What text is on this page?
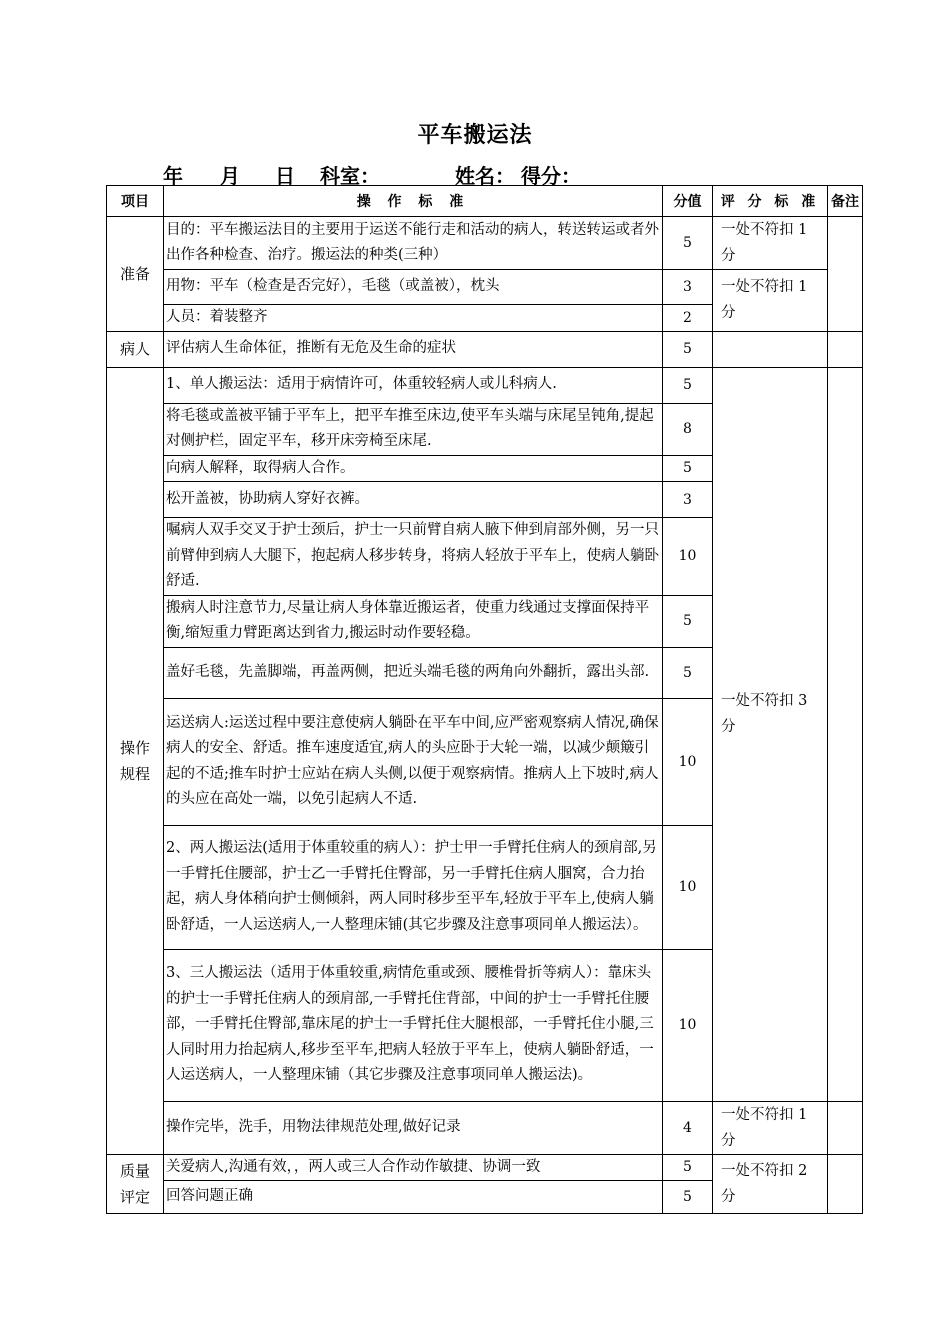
平车搬运法
年 月 日 科室：	姓名： 得分：
项目	操 作 标 准	分值	评 分 标 准	备注
准备	目的：平车搬运法目的主要用于运送不能行走和活动的病人，转送转运或者外出作各种检查、治疗。搬运法的种类(三种）	5	一处不符扣 1 分	
	用物：平车（检查是否完好），毛毯（或盖被），枕头	3	一处不符扣 1 分	
	人员：着装整齐	2		
病人	评估病人生命体征，推断有无危及生命的症状	5		

操作
规程	1、单人搬运法：适用于病情许可，体重较轻病人或儿科病人.	5	一处不符扣 3 分	
	将毛毯或盖被平铺于平车上，把平车推至床边,使平车头端与床尾呈钝角,提起对侧护栏，固定平车，移开床旁椅至床尾.	8		
	向病人解释，取得病人合作。	5		
	松开盖被，协助病人穿好衣裤。	3		
	嘱病人双手交叉于护士颈后，护士一只前臂自病人腋下伸到肩部外侧，另一只前臂伸到病人大腿下，抱起病人移步转身，将病人轻放于平车上，使病人躺卧舒适.	10		
	搬病人时注意节力,尽量让病人身体靠近搬运者，使重力线通过支撑面保持平衡,缩短重力臂距离达到省力,搬运时动作要轻稳。	5		
	盖好毛毯，先盖脚端，再盖两侧，把近头端毛毯的两角向外翻折，露出头部.	5		
	运送病人:运送过程中要注意使病人躺卧在平车中间,应严密观察病人情况,确保病人的安全、舒适。推车速度适宜,病人的头应卧于大轮一端，以减少颠簸引起的不适;推车时护士应站在病人头侧,以便于观察病情。推病人上下坡时,病人的头应在高处一端，以免引起病人不适.	10		
	2、两人搬运法(适用于体重较重的病人）：护士甲一手臂托住病人的颈肩部,另一手臂托住腰部，护士乙一手臂托住臀部，另一手臂托住病人腘窝，合力抬起，病人身体稍向护士侧倾斜，两人同时移步至平车,轻放于平车上,使病人躺卧舒适，一人运送病人,一人整理床铺(其它步骤及注意事项同单人搬运法）。	10		
	3、三人搬运法（适用于体重较重,病情危重或颈、腰椎骨折等病人）：靠床头的护士一手臂托住病人的颈肩部,一手臂托住背部，中间的护士一手臂托住腰部，一手臂托住臀部,靠床尾的护士一手臂托住大腿根部，一手臂托住小腿,三人同时用力抬起病人,移步至平车,把病人轻放于平车上，使病人躺卧舒适，一人运送病人，一人整理床铺（其它步骤及注意事项同单人搬运法)。	10		
	操作完毕，洗手，用物法律规范处理,做好记录	4	一处不符扣 1 分	

质量
评定	关爱病人,沟通有效，，两人或三人合作动作敏捷、协调一致	5	一处不符扣 2 分	
	回答问题正确	5		
